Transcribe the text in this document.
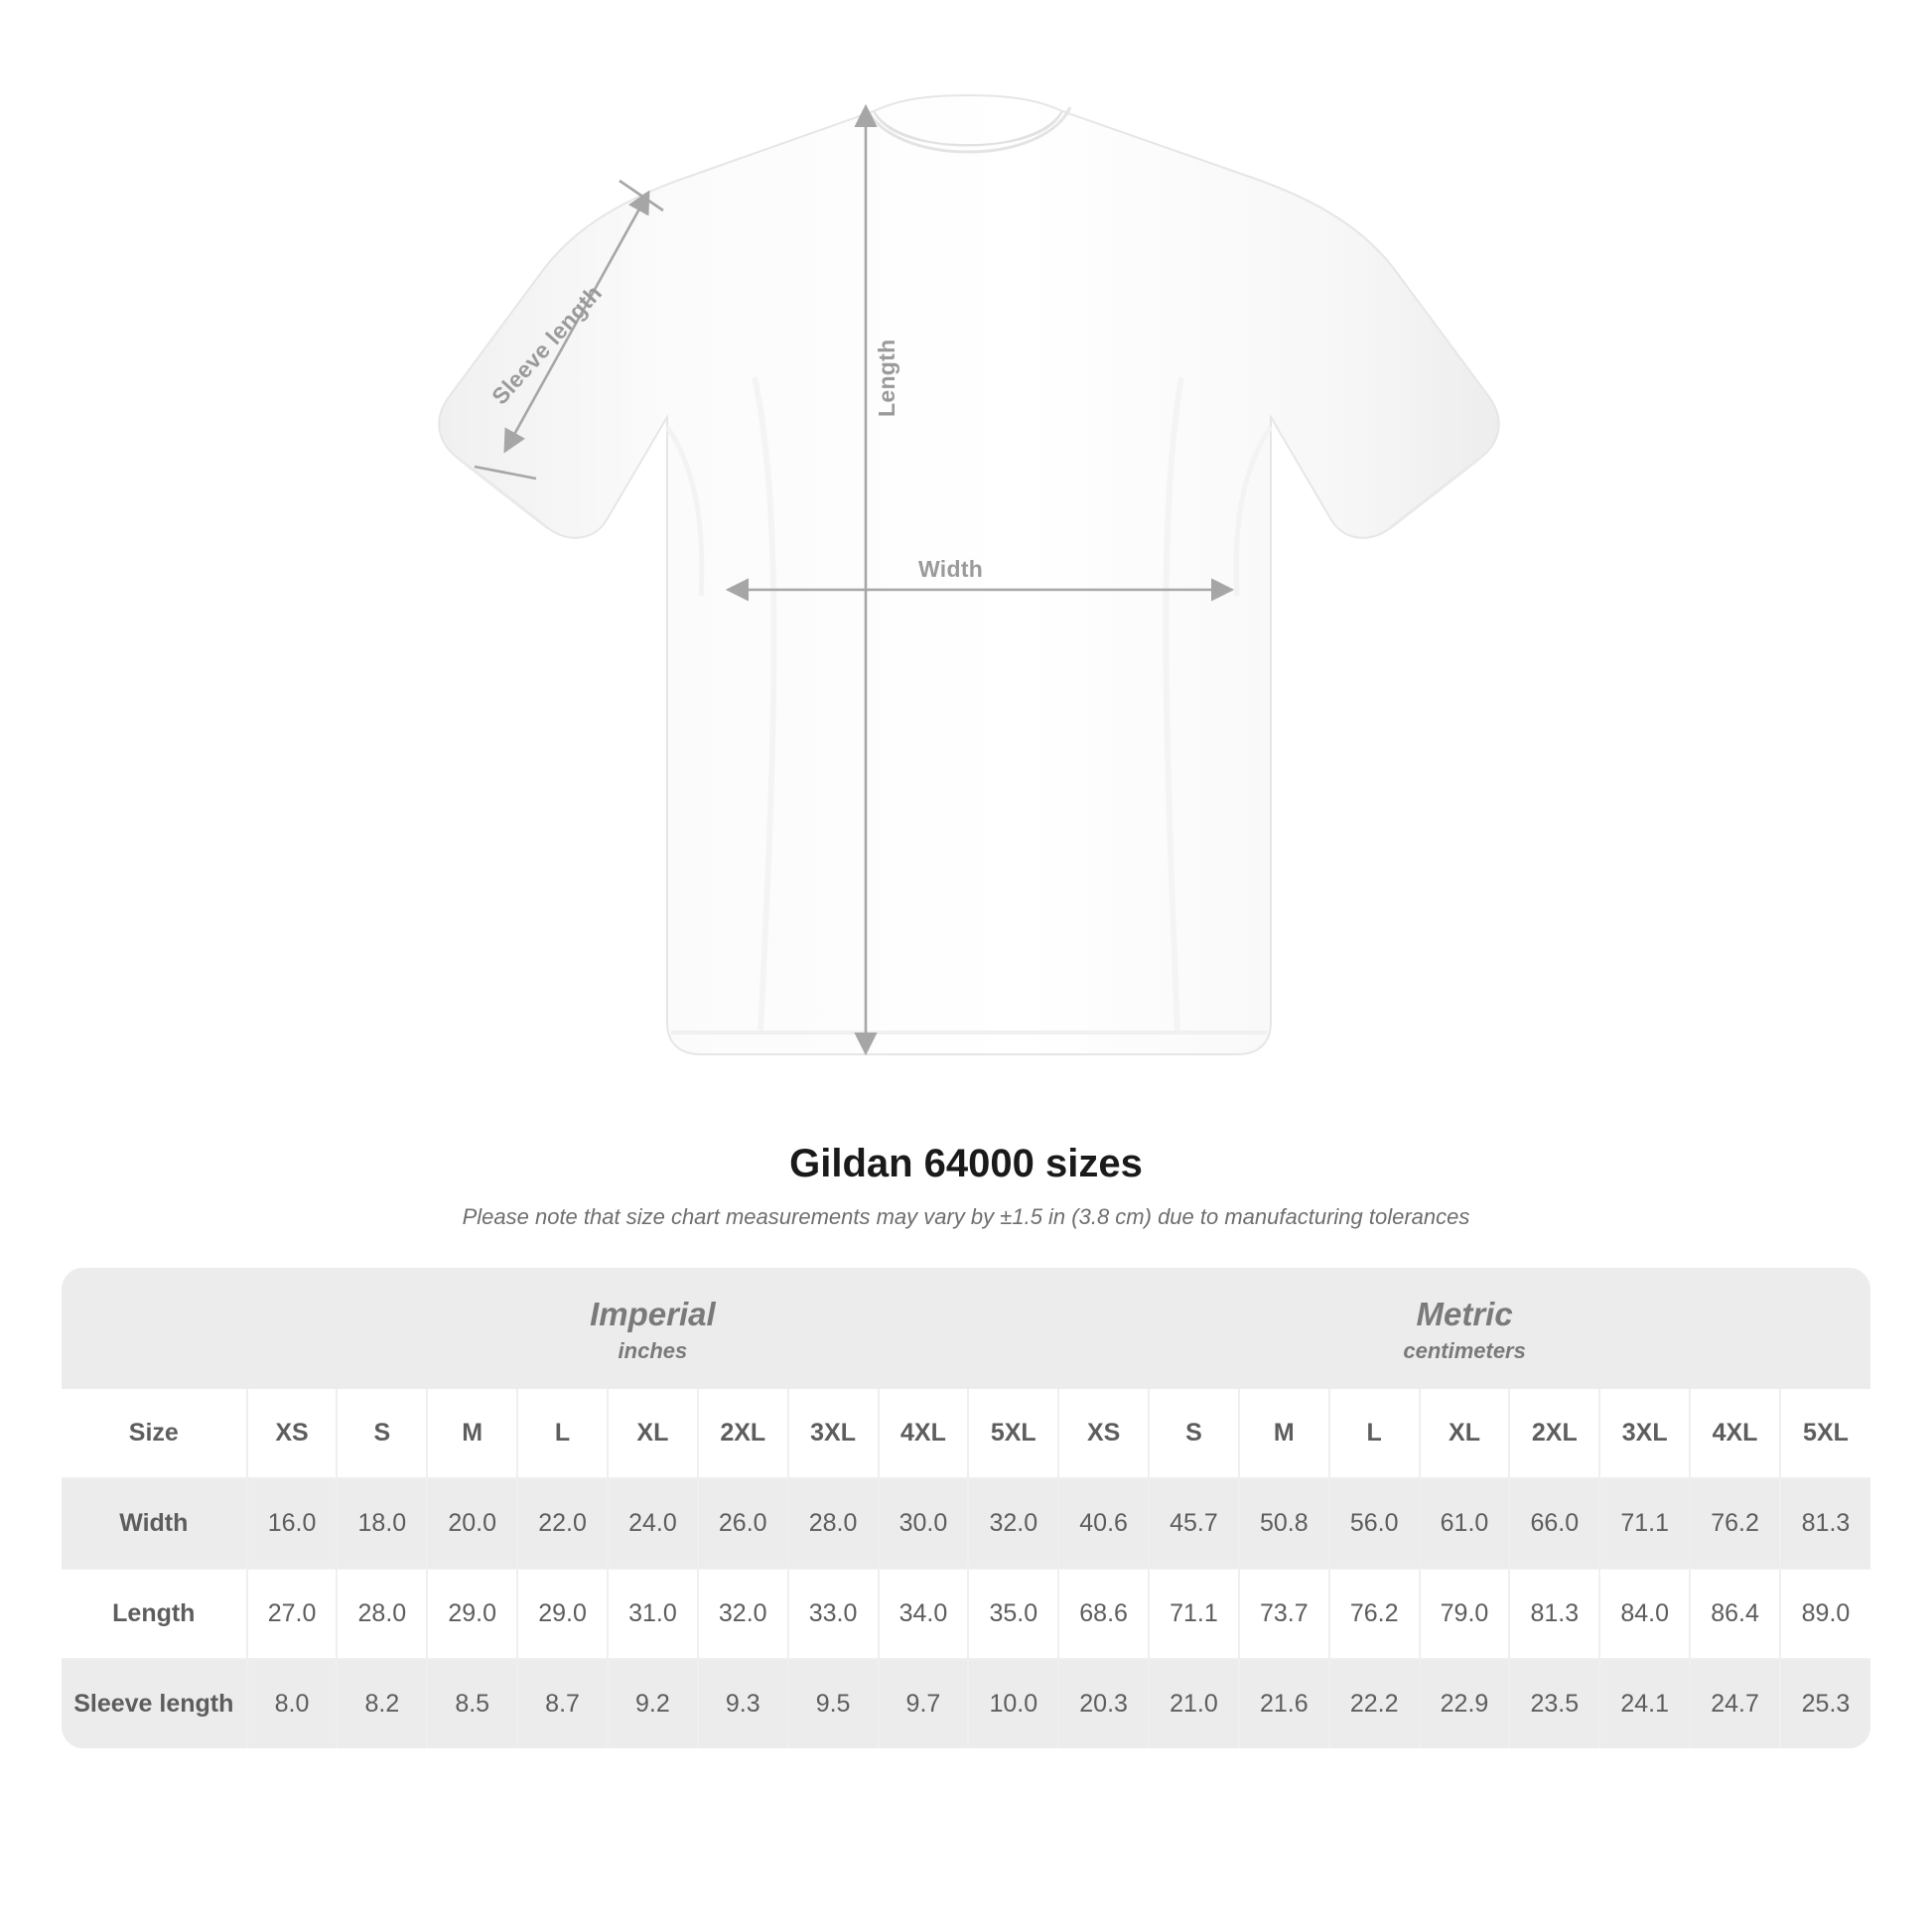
Width
Length
Sleeve length
Gildan 64000 sizes

Please note that size chart measurements may vary by ±1.5 in (3.8 cm) due to manufacturing tolerances

	Imperial
inches									Metric
centimeters								

Size	XS	S	M	L	XL	2XL	3XL	4XL	5XL	XS	S	M	L	XL	2XL	3XL	4XL	5XL
Width	16.0	18.0	20.0	22.0	24.0	26.0	28.0	30.0	32.0	40.6	45.7	50.8	56.0	61.0	66.0	71.1	76.2	81.3
Length	27.0	28.0	29.0	29.0	31.0	32.0	33.0	34.0	35.0	68.6	71.1	73.7	76.2	79.0	81.3	84.0	86.4	89.0
Sleeve length	8.0	8.2	8.5	8.7	9.2	9.3	9.5	9.7	10.0	20.3	21.0	21.6	22.2	22.9	23.5	24.1	24.7	25.3
